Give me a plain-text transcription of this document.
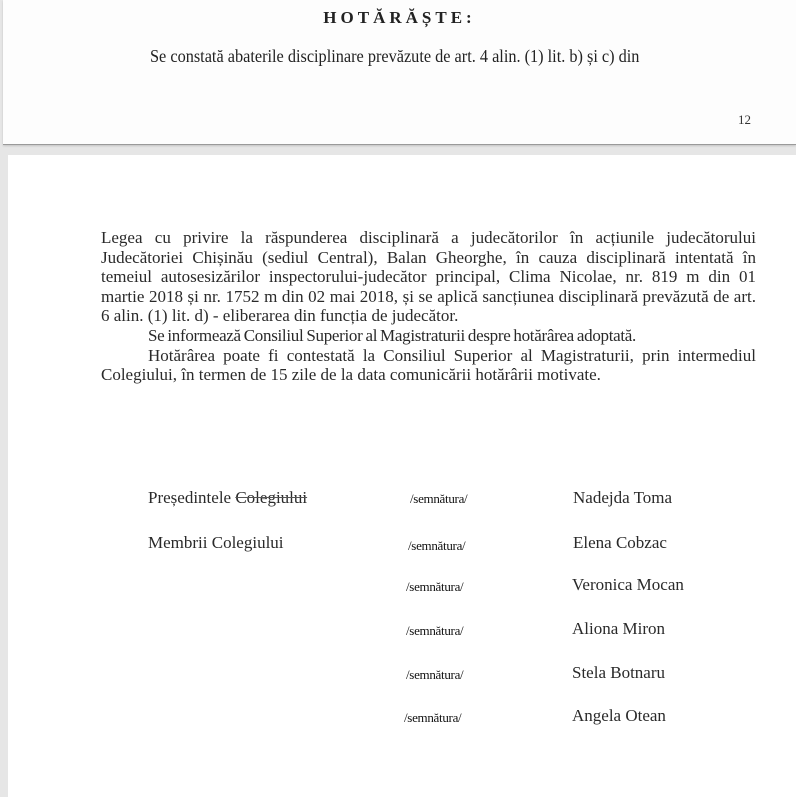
HOTĂRĂȘTE:
Se constată abaterile disciplinare prevăzute de art. 4 alin. (1) lit. b) și c) din
12

Legea cu privire la răspunderea disciplinară a judecătorilor în acțiunile judecătorului Judecătoriei Chișinău (sediul Central), Balan Gheorghe, în cauza disciplinară intentată în temeiul autosesizărilor inspectorului-judecător principal, Clima Nicolae, nr. 819 m din 01 martie 2018 și nr. 1752 m din 02 mai 2018, și se aplică sancțiunea disciplinară prevăzută de art. 6 alin. (1) lit. d) - eliberarea din funcția de judecător.

Se informează Consiliul Superior al Magistraturii despre hotărârea adoptată.

Hotărârea poate fi contestată la Consiliul Superior al Magistraturii, prin intermediul Colegiului, în termen de 15 zile de la data comunicării hotărârii motivate.

Președintele Colegiului	/semnătura/	Nadejda Toma
Membrii Colegiului	/semnătura/	Elena Cobzac
/semnătura/	Veronica Mocan
/semnătura/	Aliona Miron
/semnătura/	Stela Botnaru
/semnătura/	Angela Otean
